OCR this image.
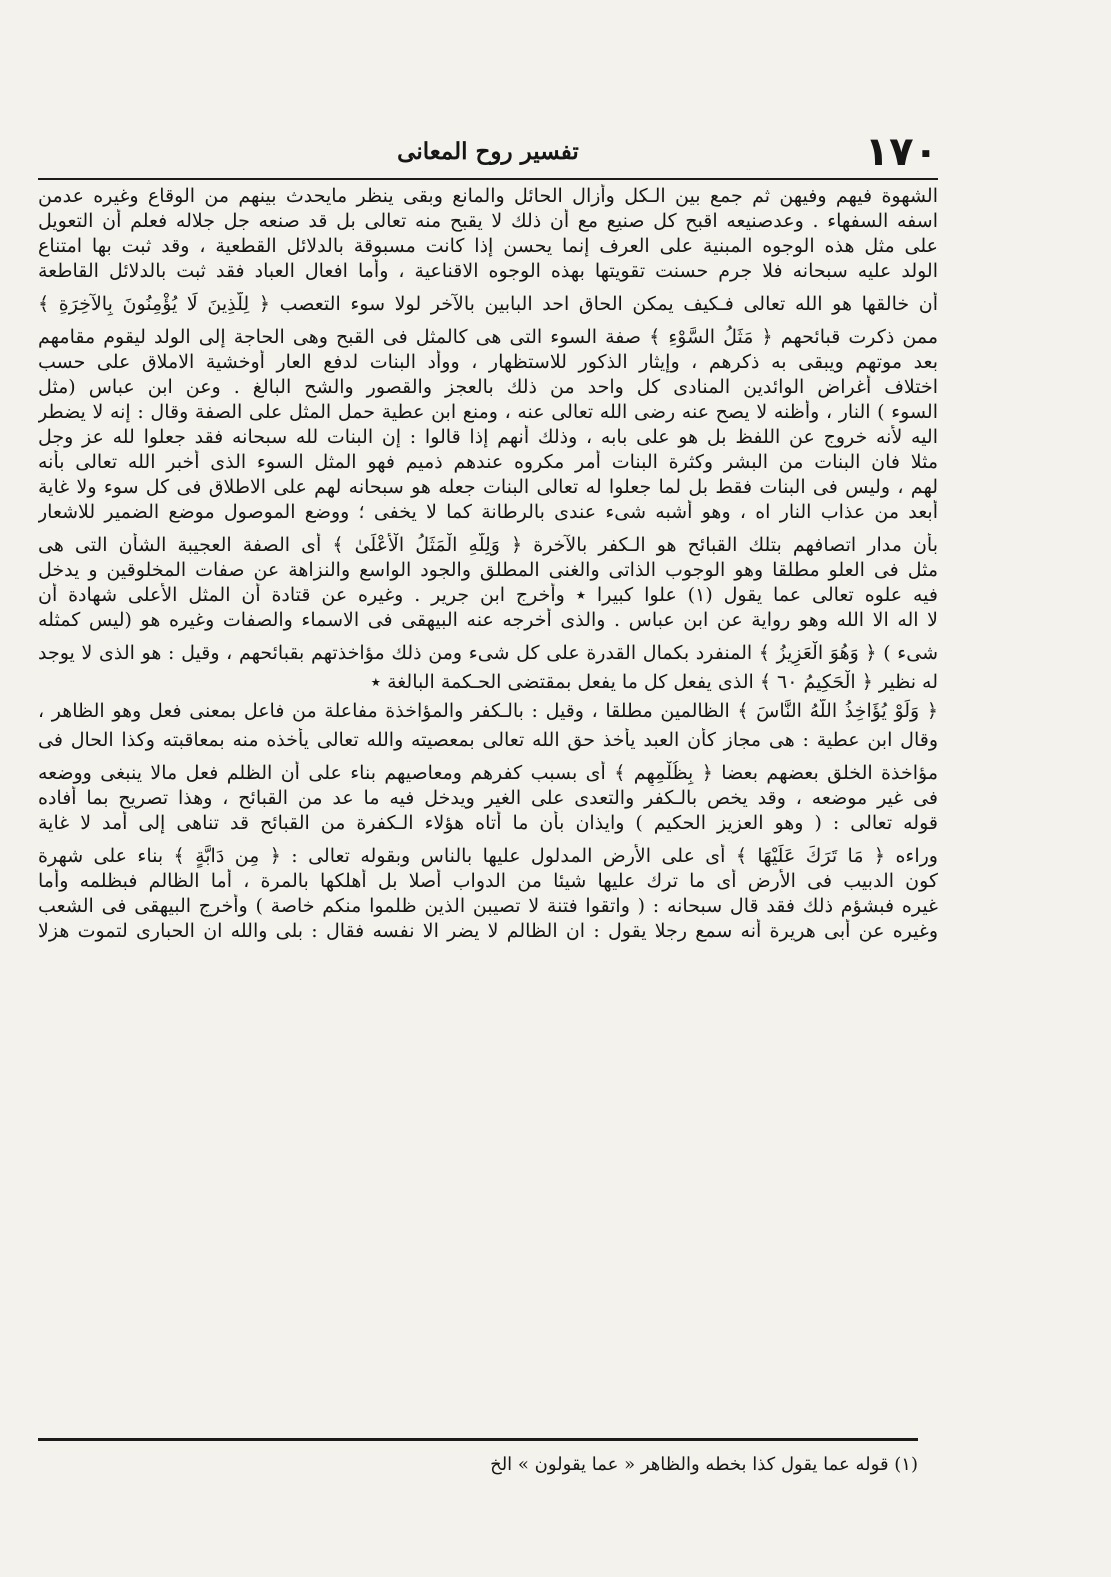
١٧٠
تفسير روح المعانى
الشهوة فيهم وفيهن ثم جمع بين الـكل وأزال الحائل والمانع وبقى ينظر مايحدث بينهم من الوقاع وغيره عدمن
اسفه السفهاء . وعدصنيعه اقبح كل صنيع مع أن ذلك لا يقبح منه تعالى بل قد صنعه جل جلاله فعلم أن التعويل
على مثل هذه الوجوه المبنية على العرف إنما يحسن إذا كانت مسبوقة بالدلائل القطعية ، وقد ثبت بها امتناع
الولد عليه سبحانه فلا جرم حسنت تقويتها بهذه الوجوه الاقناعية ، وأما افعال العباد فقد ثبت بالدلائل القاطعة
أن خالقها هو الله تعالى فـكيف يمكن الحاق احد البابين بالآخر لولا سوء التعصب ﴿ لِلَّذِينَ لَا يُؤْمِنُونَ بِالآخِرَةِ ﴾
ممن ذكرت قبائحهم ﴿ مَثَلُ السَّوْءِ ﴾ صفة السوء التى هى كالمثل فى القبح وهى الحاجة إلى الولد ليقوم مقامهم
بعد موتهم ويبقى به ذكرهم ، وإيثار الذكور للاستظهار ، ووأد البنات لدفع العار أوخشية الاملاق على حسب
اختلاف أغراض الوائدين المنادى كل واحد من ذلك بالعجز والقصور والشح البالغ . وعن ابن عباس (مثل
السوء ) النار ، وأظنه لا يصح عنه رضى الله تعالى عنه ، ومنع ابن عطية حمل المثل على الصفة وقال : إنه لا يضطر
اليه لأنه خروج عن اللفظ بل هو على بابه ، وذلك أنهم إذا قالوا : إن البنات لله سبحانه فقد جعلوا لله عز وجل
مثلا فان البنات من البشر وكثرة البنات أمر مكروه عندهم ذميم فهو المثل السوء الذى أخبر الله تعالى بأنه
لهم ، وليس فى البنات فقط بل لما جعلوا له تعالى البنات جعله هو سبحانه لهم على الاطلاق فى كل سوء ولا غاية
أبعد من عذاب النار اه ، وهو أشبه شىء عندى بالرطانة كما لا يخفى ؛ ووضع الموصول موضع الضمير للاشعار
بأن مدار اتصافهم بتلك القبائح هو الـكفر بالآخرة ﴿ وَلِلَّهِ الْمَثَلُ الْأَعْلَىٰ ﴾ أى الصفة العجيبة الشأن التى هى
مثل فى العلو مطلقا وهو الوجوب الذاتى والغنى المطلق والجود الواسع والنزاهة عن صفات المخلوقين و يدخل
فيه علوه تعالى عما يقول (١) علوا كبيرا ٭ وأخرج ابن جرير . وغيره عن قتادة أن المثل الأعلى شهادة أن
لا اله الا الله وهو رواية عن ابن عباس . والذى أخرجه عنه البيهقى فى الاسماء والصفات وغيره هو (ليس كمثله
شىء ) ﴿ وَهُوَ الْعَزِيزُ ﴾ المنفرد بكمال القدرة على كل شىء ومن ذلك مؤاخذتهم بقبائحهم ، وقيل : هو الذى لا يوجد
له نظير ﴿ الْحَكِيمُ ٦٠ ﴾ الذى يفعل كل ما يفعل بمقتضى الحـكمة البالغة ٭
﴿ وَلَوْ يُؤَاخِذُ اللَّهُ النَّاسَ ﴾ الظالمين مطلقا ، وقيل : بالـكفر والمؤاخذة مفاعلة من فاعل بمعنى فعل وهو الظاهر ،
وقال ابن عطية : هى مجاز كأن العبد يأخذ حق الله تعالى بمعصيته والله تعالى يأخذه منه بمعاقبته وكذا الحال فى
مؤاخذة الخلق بعضهم بعضا ﴿ بِظُلْمِهِم ﴾ أى بسبب كفرهم ومعاصيهم بناء على أن الظلم فعل مالا ينبغى ووضعه
فى غير موضعه ، وقد يخص بالـكفر والتعدى على الغير ويدخل فيه ما عد من القبائح ، وهذا تصريح بما أفاده
قوله تعالى : ( وهو العزيز الحكيم ) وايذان بأن ما أتاه هؤلاء الـكفرة من القبائح قد تناهى إلى أمد لا غاية
وراءه ﴿ مَا تَرَكَ عَلَيْهَا ﴾ أى على الأرض المدلول عليها بالناس وبقوله تعالى : ﴿ مِن دَابَّةٍ ﴾ بناء على شهرة
كون الدبيب فى الأرض أى ما ترك عليها شيئا من الدواب أصلا بل أهلكها بالمرة ، أما الظالم فبظلمه وأما
غيره فبشؤم ذلك فقد قال سبحانه : ( واتقوا فتنة لا تصيبن الذين ظلموا منكم خاصة ) وأخرج البيهقى فى الشعب
وغيره عن أبى هريرة أنه سمع رجلا يقول : ان الظالم لا يضر الا نفسه فقال : بلى والله ان الحبارى لتموت هزلا
(١) قوله عما يقول كذا بخطه والظاهر « عما يقولون » الخ
